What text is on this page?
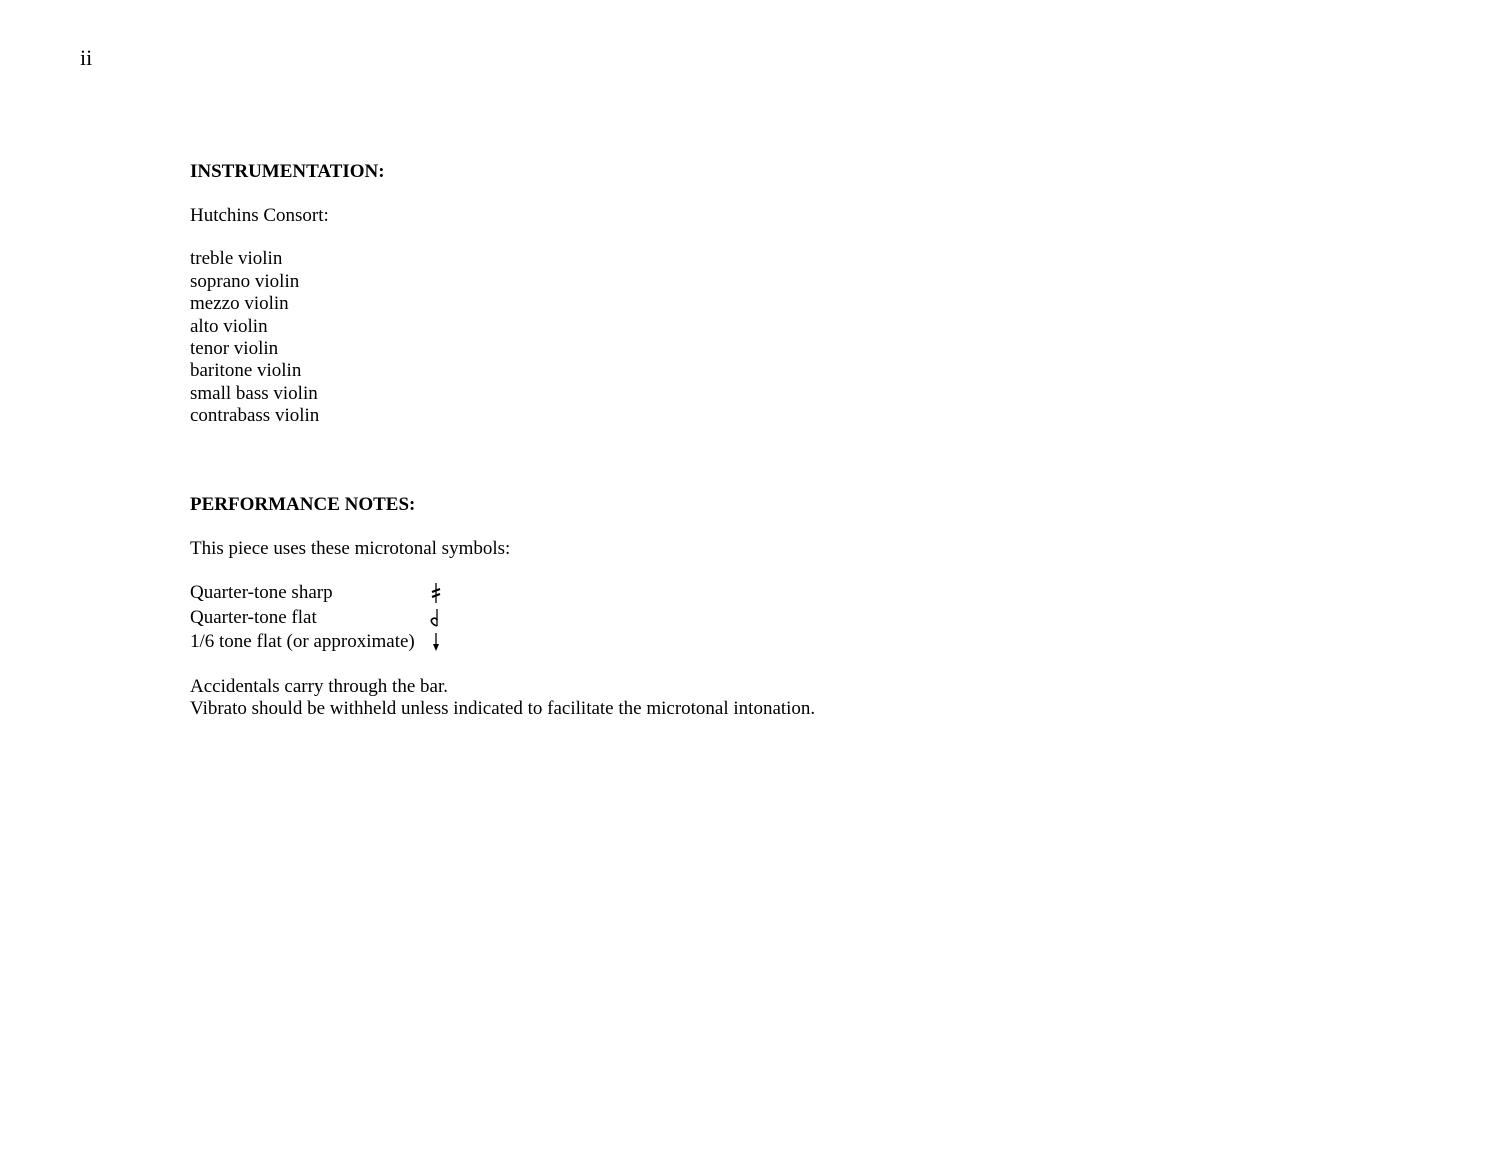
ii

INSTRUMENTATION:

Hutchins Consort:

treble violin
soprano violin
mezzo violin
alto violin
tenor violin
baritone violin
small bass violin
contrabass violin

PERFORMANCE NOTES:

This piece uses these microtonal symbols:

Quarter-tone sharp
Quarter-tone flat
1/6 tone flat (or approximate)

Accidentals carry through the bar.

Vibrato should be withheld unless indicated to facilitate the microtonal intonation.
